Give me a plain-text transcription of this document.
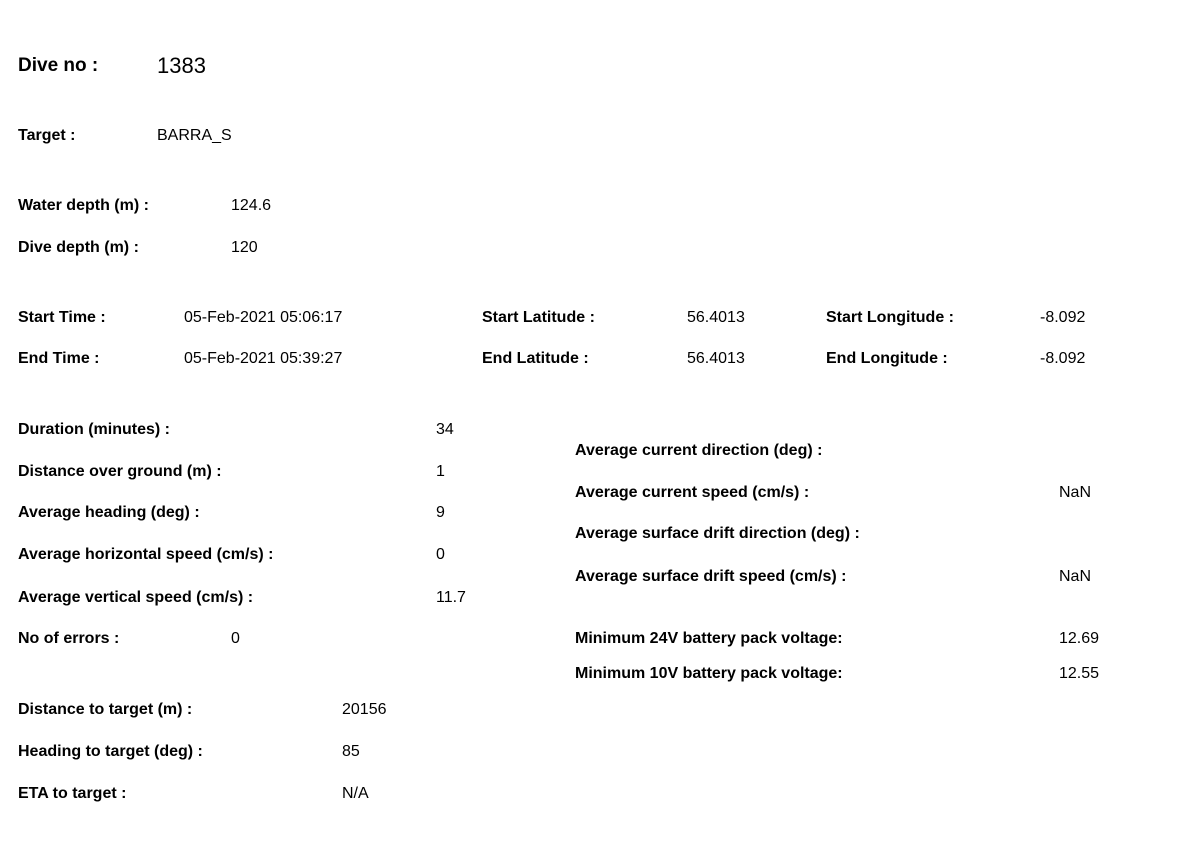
Dive no :	1383
Target :	BARRA_S
Water depth (m) :	124.6
Dive depth (m) :	120
Start Time :	05-Feb-2021 05:06:17
End Time :	05-Feb-2021 05:39:27
Start Latitude :	56.4013
End Latitude :	56.4013
Start Longitude :	-8.092
End Longitude :	-8.092
Duration (minutes) :	34
Distance over ground (m) :	1
Average heading (deg) :	9
Average horizontal speed (cm/s) :	0
Average vertical speed (cm/s) :	11.7
No of errors :	0
Average current direction (deg) :
Average current speed (cm/s) :	NaN
Average surface drift direction (deg) :
Average surface drift speed (cm/s) :	NaN
Minimum 24V battery pack voltage:	12.69
Minimum 10V battery pack voltage:	12.55
Distance to target (m) :	20156
Heading to target (deg) :	85
ETA to target :	N/A
